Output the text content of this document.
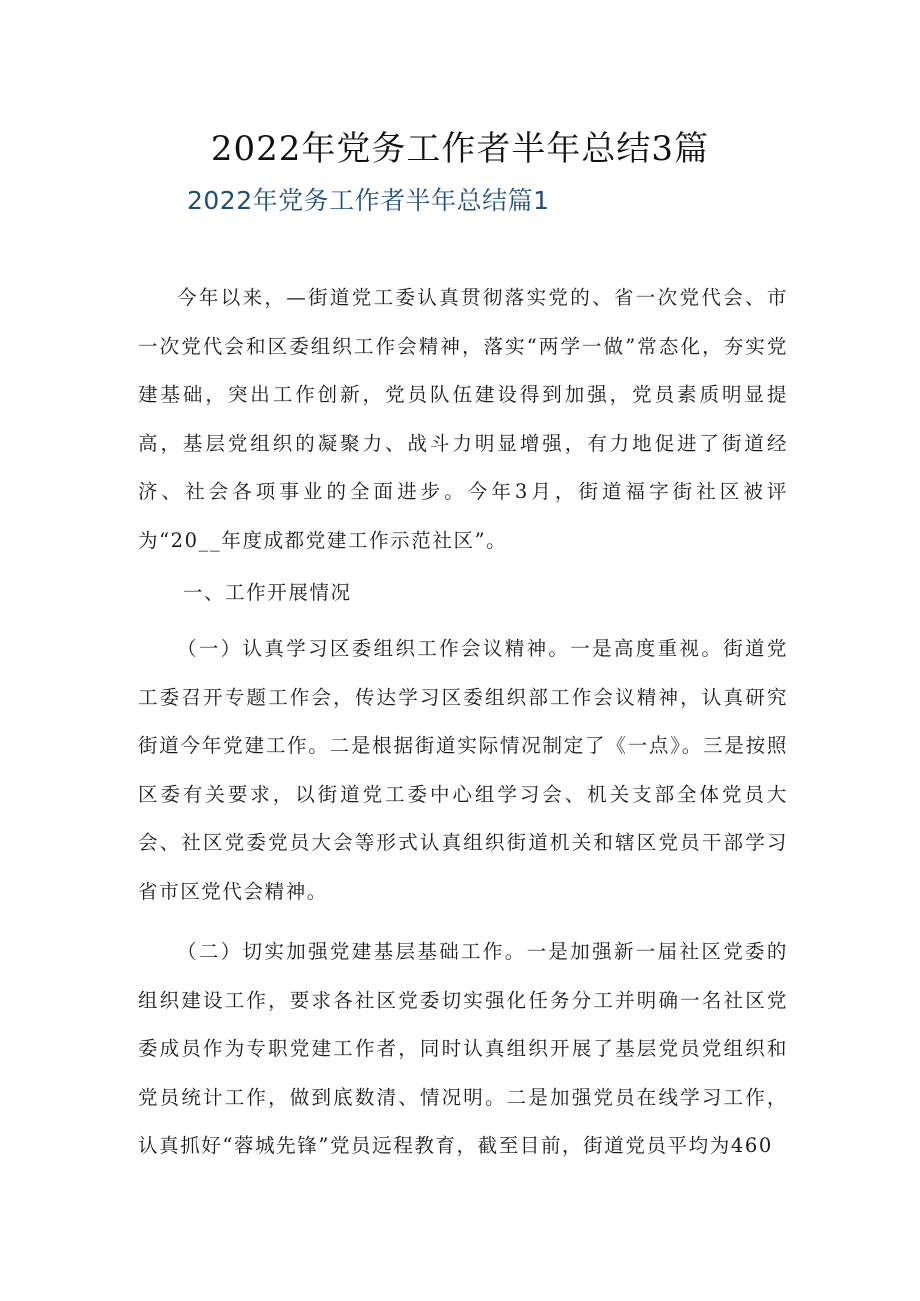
2022年党务工作者半年总结3篇
2022年党务工作者半年总结篇1

今年以来，—街道党工委认真贯彻落实党的、省一次党代会、市一次党代会和区委组织工作会精神，落实“两学一做”常态化，夯实党建基础，突出工作创新，党员队伍建设得到加强，党员素质明显提高，基层党组织的凝聚力、战斗力明显增强，有力地促进了街道经济、社会各项事业的全面进步。今年3月，街道福字街社区被评为“20__年度成都党建工作示范社区”。

一、工作开展情况

（一）认真学习区委组织工作会议精神。一是高度重视。街道党工委召开专题工作会，传达学习区委组织部工作会议精神，认真研究街道今年党建工作。二是根据街道实际情况制定了《一点》。三是按照区委有关要求，以街道党工委中心组学习会、机关支部全体党员大会、社区党委党员大会等形式认真组织街道机关和辖区党员干部学习省市区党代会精神。

（二）切实加强党建基层基础工作。一是加强新一届社区党委的组织建设工作，要求各社区党委切实强化任务分工并明确一名社区党委成员作为专职党建工作者，同时认真组织开展了基层党员党组织和党员统计工作，做到底数清、情况明。二是加强党员在线学习工作，认真抓好“蓉城先锋”党员远程教育，截至目前，街道党员平均为460
